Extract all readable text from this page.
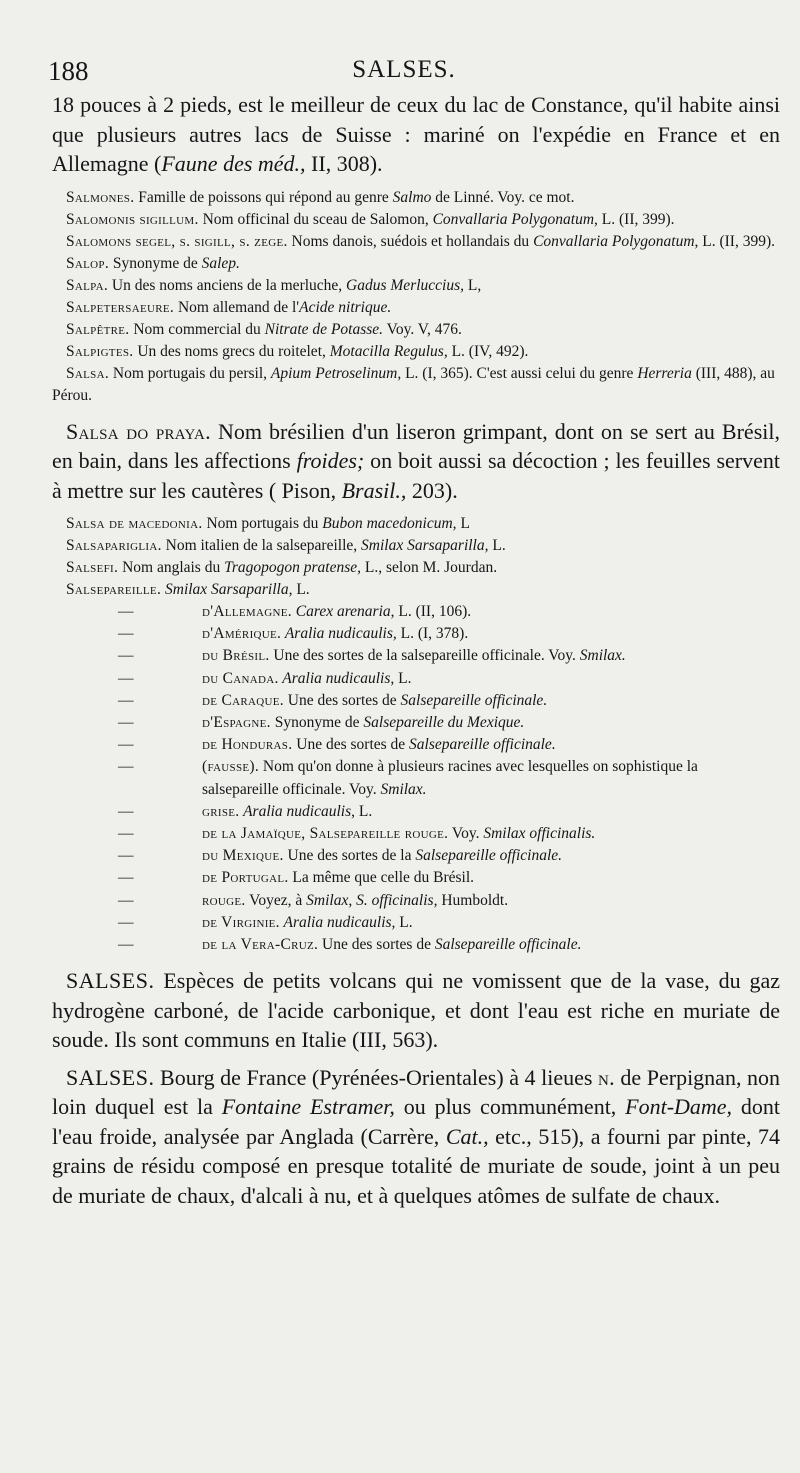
188	SALSES.

18 pouces à 2 pieds, est le meilleur de ceux du lac de Constance, qu'il habite ainsi que plusieurs autres lacs de Suisse : mariné on l'expédie en France et en Allemagne (Faune des méd., II, 308).

Salmones. Famille de poissons qui répond au genre Salmo de Linné. Voy. ce mot.

Salomonis sigillum. Nom officinal du sceau de Salomon, Convallaria Polygonatum, L. (II, 399).

Salomons segel, s. sigill, s. zege. Noms danois, suédois et hollandais du Convallaria Polygonatum, L. (II, 399).

Salop. Synonyme de Salep.

Salpa. Un des noms anciens de la merluche, Gadus Merluccius, L,

Salpetersaeure. Nom allemand de l'Acide nitrique.

Salpêtre. Nom commercial du Nitrate de Potasse. Voy. V, 476.

Salpigtes. Un des noms grecs du roitelet, Motacilla Regulus, L. (IV, 492).

Salsa. Nom portugais du persil, Apium Petroselinum, L. (I, 365). C'est aussi celui du genre Herreria (III, 488), au Pérou.

Salsa do praya. Nom brésilien d'un liseron grimpant, dont on se sert au Brésil, en bain, dans les affections froides; on boit aussi sa décoction ; les feuilles servent à mettre sur les cautères ( Pison, Brasil., 203).

Salsa de macedonia. Nom portugais du Bubon macedonicum, L

Salsapariglia. Nom italien de la salsepareille, Smilax Sarsaparilla, L.

Salsefi. Nom anglais du Tragopogon pratense, L., selon M. Jourdan.

Salsepareille. Smilax Sarsaparilla, L.

—	d'Allemagne. Carex arenaria, L. (II, 106).
—	d'Amérique. Aralia nudicaulis, L. (I, 378).
—	du Brésil. Une des sortes de la salsepareille officinale. Voy. Smilax.
—	du Canada. Aralia nudicaulis, L.
—	de Caraque. Une des sortes de Salsepareille officinale.
—	d'Espagne. Synonyme de Salsepareille du Mexique.
—	de Honduras. Une des sortes de Salsepareille officinale.
—	(fausse). Nom qu'on donne à plusieurs racines avec lesquelles on sophistique la salsepareille officinale. Voy. Smilax.
—	grise. Aralia nudicaulis, L.
—	de la Jamaïque, Salsepareille rouge. Voy. Smilax officinalis.
—	du Mexique. Une des sortes de la Salsepareille officinale.
—	de Portugal. La même que celle du Brésil.
—	rouge. Voyez, à Smilax, S. officinalis, Humboldt.
—	de Virginie. Aralia nudicaulis, L.
—	de la Vera-Cruz. Une des sortes de Salsepareille officinale.

SALSES. Espèces de petits volcans qui ne vomissent que de la vase, du gaz hydrogène carboné, de l'acide carbonique, et dont l'eau est riche en muriate de soude. Ils sont communs en Italie (III, 563).

SALSES. Bourg de France (Pyrénées-Orientales) à 4 lieues n. de Perpignan, non loin duquel est la Fontaine Estramer, ou plus communément, Font-Dame, dont l'eau froide, analysée par Anglada (Carrère, Cat., etc., 515), a fourni par pinte, 74 grains de résidu composé en presque totalité de muriate de soude, joint à un peu de muriate de chaux, d'alcali à nu, et à quelques atômes de sulfate de chaux.
